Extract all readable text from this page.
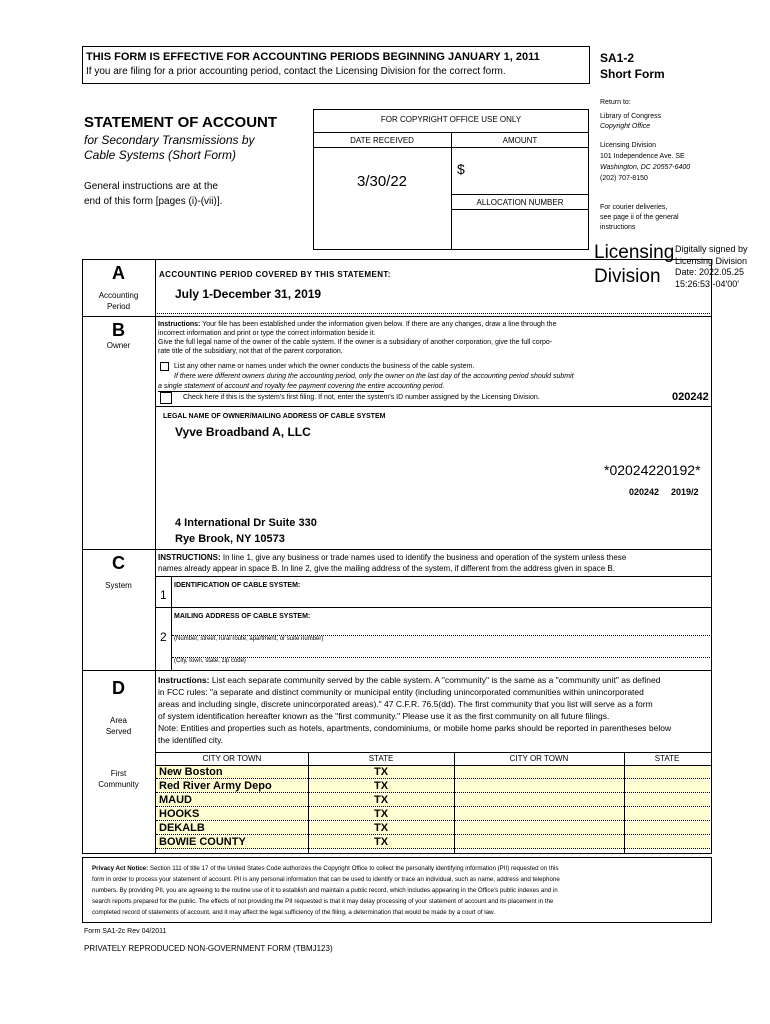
THIS FORM IS EFFECTIVE FOR ACCOUNTING PERIODS BEGINNING JANUARY 1, 2011
If you are filing for a prior accounting period, contact the Licensing Division for the correct form.
SA1-2
Short Form
Return to:
Library of Congress
Copyright Office
Licensing Division
101 Independence Ave. SE
Washington, DC 20557-6400
(202) 707-8150
For courier deliveries,
see page ii of the general
instructions
STATEMENT OF ACCOUNT
for Secondary Transmissions by
Cable Systems (Short Form)
General instructions are at the
end of this form [pages (i)-(vii)].
FOR COPYRIGHT OFFICE USE ONLY
DATE RECEIVED	AMOUNT
3/30/22
$
ALLOCATION NUMBER
Licensing
Division
Digitally signed by
Licensing Division
Date: 2022.05.25
15:26:53 -04'00'
A
Accounting
Period
ACCOUNTING PERIOD COVERED BY THIS STATEMENT:
July 1-December 31, 2019
B
Owner
Instructions: Your file has been established under the information given below. If there are any changes, draw a line through the
incorrect information and print or type the correct information beside it.
Give the full legal name of the owner of the cable system. If the owner is a subsidiary of another corporation, give the full corpo-
rate title of the subsidiary, not that of the parent corporation.
List any other name or names under which the owner conducts the business of the cable system.
If there were different owners during the accounting period, only the owner on the last day of the accounting period should submit
a single statement of account and royalty fee payment covering the entire accounting period.
Check here if this is the system's first filing. If not, enter the system's ID number assigned by the Licensing Division.	020242
LEGAL NAME OF OWNER/MAILING ADDRESS OF CABLE SYSTEM
Vyve Broadband A, LLC
*02024220192*
020242 2019/2
4 International Dr Suite 330
Rye Brook, NY 10573
C
System
INSTRUCTIONS: In line 1, give any business or trade names used to identify the business and operation of the system unless these
names already appear in space B. In line 2, give the mailing address of the system, if different from the address given in space B.
1
IDENTIFICATION OF CABLE SYSTEM:
MAILING ADDRESS OF CABLE SYSTEM:
2 (Number, street, rural route, apartment, or suite number)
(City, town, state, zip code)
D
Area
Served
First
Community
Instructions: List each separate community served by the cable system. A "community" is the same as a "community unit" as defined
in FCC rules: "a separate and distinct community or municipal entity (including unincorporated communities within unincorporated
areas and including single, discrete unincorporated areas)." 47 C.F.R. 76.5(dd). The first community that you list will serve as a form
of system identification hereafter known as the "first community." Please use it as the first community on all future filings.
Note: Entities and properties such as hotels, apartments, condominiums, or mobile home parks should be reported in parentheses below
the identified city.
CITY OR TOWN	STATE	CITY OR TOWN	STATE
New Boston	TX
Red River Army Depo	TX
MAUD	TX
HOOKS	TX
DEKALB	TX
BOWIE COUNTY	TX
Privacy Act Notice: Section 111 of title 17 of the United States Code authorizes the Copyright Office to collect the personally identifying information (PII) requested on this
form in order to process your statement of account. PII is any personal information that can be used to identify or trace an individual, such as name, address and telephone
numbers. By providing PII, you are agreeing to the routine use of it to establish and maintain a public record, which includes appearing in the Office's public indexes and in
search reports prepared for the public. The effects of not providing the PII requested is that it may delay processing of your statement of account and its placement in the
completed record of statements of account, and it may affect the legal sufficiency of the filing, a determination that would be made by a court of law.
Form SA1-2c Rev 04/2011
PRIVATELY REPRODUCED NON-GOVERNMENT FORM (TBMJ123)
